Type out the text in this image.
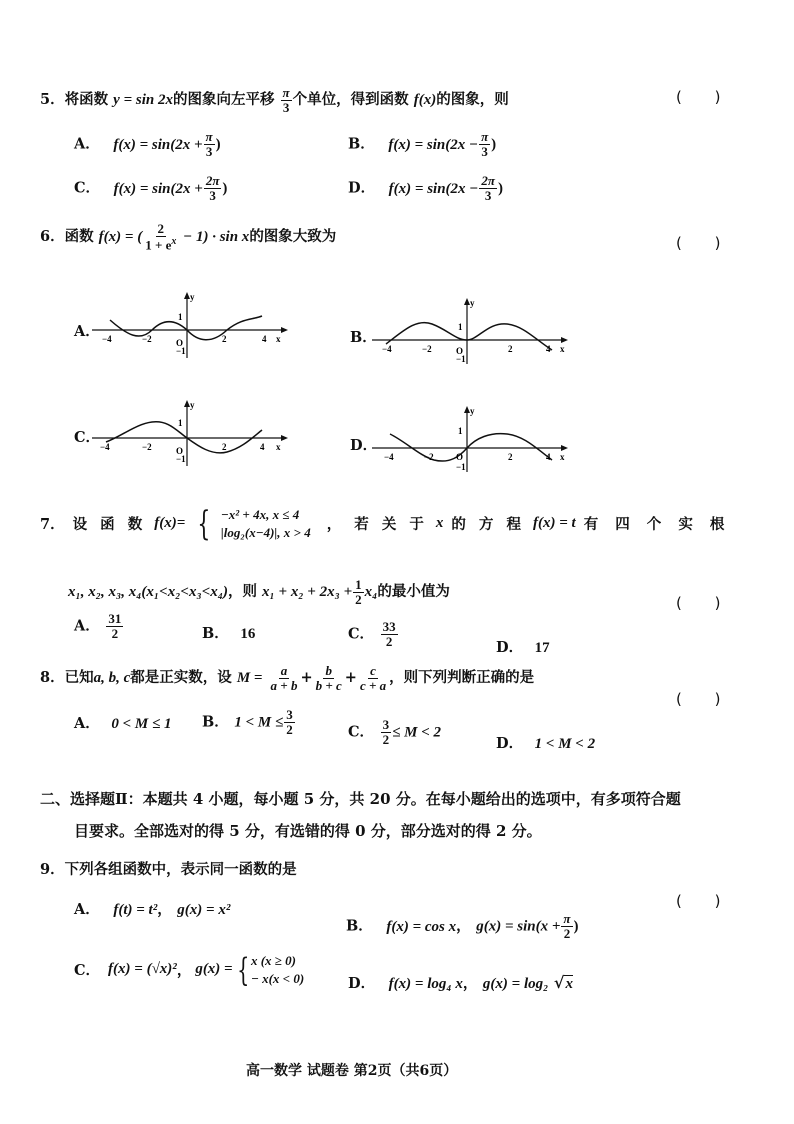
5．将函数 y = sin 2x的图象向左平移 $\frac{\pi}{3}$ 个单位，得到函数 f(x)的图象，则	( )
A． $f(x) = \sin(2x + \frac{\pi}{3}$ )	B． $f(x) = \sin(2x - \frac{\pi}{3}$ )
C． $f(x) = \sin(2x + \frac{2\pi}{3}$ )	D． $f(x) = \sin(2x - \frac{2\pi}{3}$ )
6．函数 f(x) = ( $\frac{2}{1 + e^x} - 1) \cdot \sin x$的图象大致为	( )
A．	B．
C．	D．
y
x
O
1
−1
−4	−2	2	4
y
x
O
1
−1
−4	−2	2	4
y
x
O
1
−1
−4	−2	2	4
y
x
O
1
−1
−4	−2	2	4
7． 设 函 数 f(x)= { −x² + 4x, x ≤ 4
|log₂(x−4)|, x > 4 ， 若 关 于 x 的 方 程 f(x) = t 有 四 个 实 根
x₁, x₂, x₃, x₄(x₁<x₂<x₃<x₄)，则 $x_1 + x_2 + 2x_3 + \frac{1}{2} x_4$的最小值为
( )
A． $\frac{31}{2}$	B． 16	C． $\frac{33}{2}$	D． 17
8．已知a, b, c都是正实数，设 $M = \frac{a}{a + b} + \frac{b}{b + c} + \frac{c}{c + a}$ ，则下列判断正确的是
( )
A． 0 < M ≤ 1 B． $1 < M \le \frac{3}{2}$	C． $\frac{3}{2} \le M < 2$
D． 1 < M < 2
二、选择题Ⅱ：本题共 4 小题，每小题 5 分，共 20 分。在每小题给出的选项中，有多项符合题
目要求。全部选对的得 5 分，有选错的得 0 分，部分选对的得 2 分。
9．下列各组函数中，表示同一函数的是
( )
A． f(t) = t²， g(x) = x²
B． f(x) = cos x， $g(x) = \sin(x + \frac{\pi}{2}$ )
C． f(x) = (√x)² ， g(x) = { x (x ≥ 0)
− x(x < 0)	D． f(x) = log₄ x， g(x) = log₂ √x
高一数学 试题卷 第2页（共6页）
